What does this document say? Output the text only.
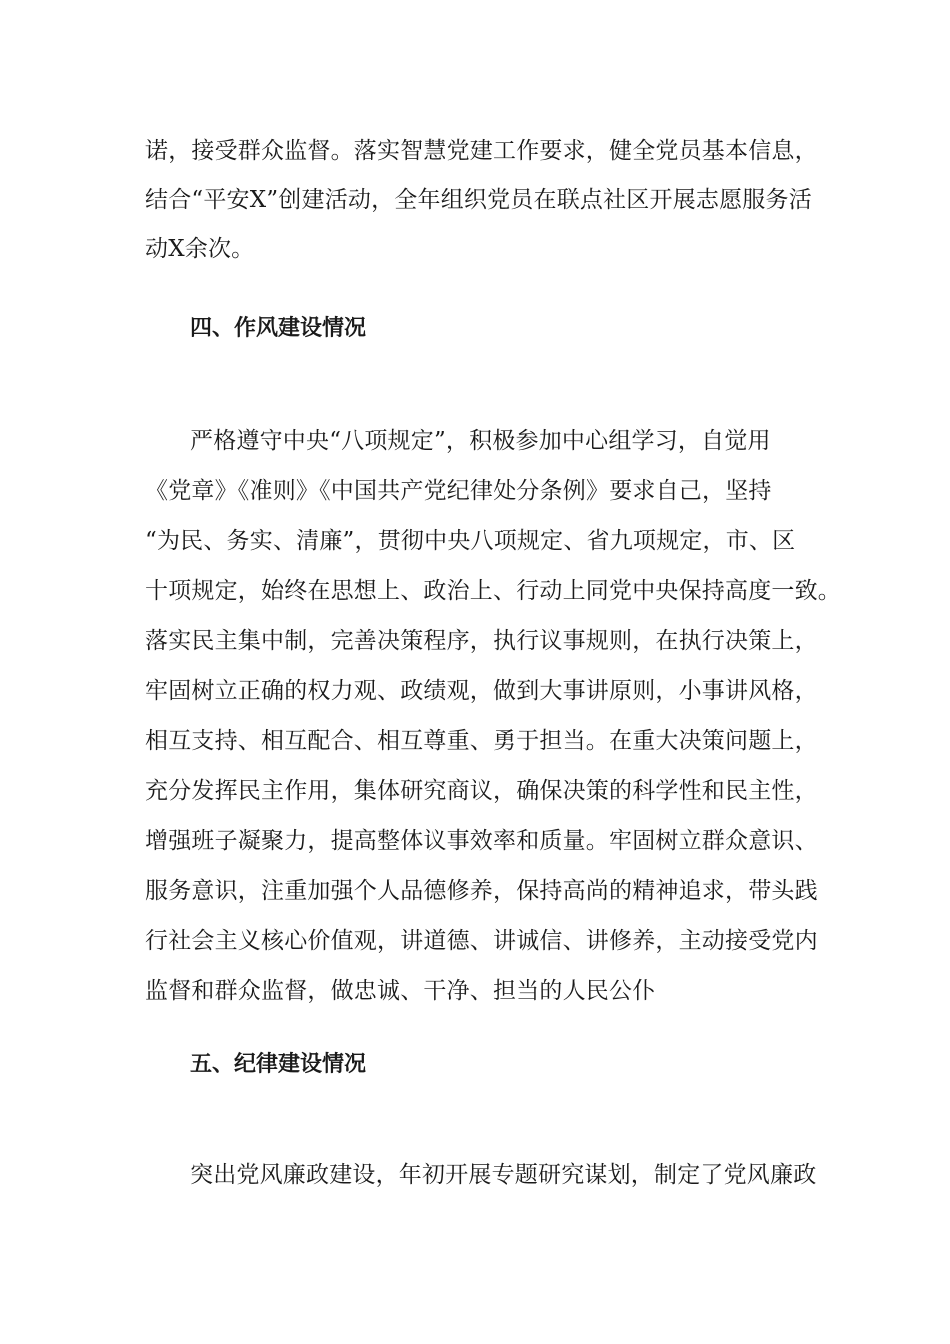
诺，接受群众监督。落实智慧党建工作要求，健全党员基本信息，
结合“平安X”创建活动，全年组织党员在联点社区开展志愿服务活
动X余次。
四、作风建设情况
严格遵守中央“八项规定”，积极参加中心组学习，自觉用
《党章》《准则》《中国共产党纪律处分条例》要求自己，坚持
“为民、务实、清廉”，贯彻中央八项规定、省九项规定，市、区
十项规定，始终在思想上、政治上、行动上同党中央保持高度一致。
落实民主集中制，完善决策程序，执行议事规则，在执行决策上，
牢固树立正确的权力观、政绩观，做到大事讲原则，小事讲风格，
相互支持、相互配合、相互尊重、勇于担当。在重大决策问题上，
充分发挥民主作用，集体研究商议，确保决策的科学性和民主性，
增强班子凝聚力，提高整体议事效率和质量。牢固树立群众意识、
服务意识，注重加强个人品德修养，保持高尚的精神追求，带头践
行社会主义核心价值观，讲道德、讲诚信、讲修养，主动接受党内
监督和群众监督，做忠诚、干净、担当的人民公仆
五、纪律建设情况
突出党风廉政建设，年初开展专题研究谋划，制定了党风廉政
